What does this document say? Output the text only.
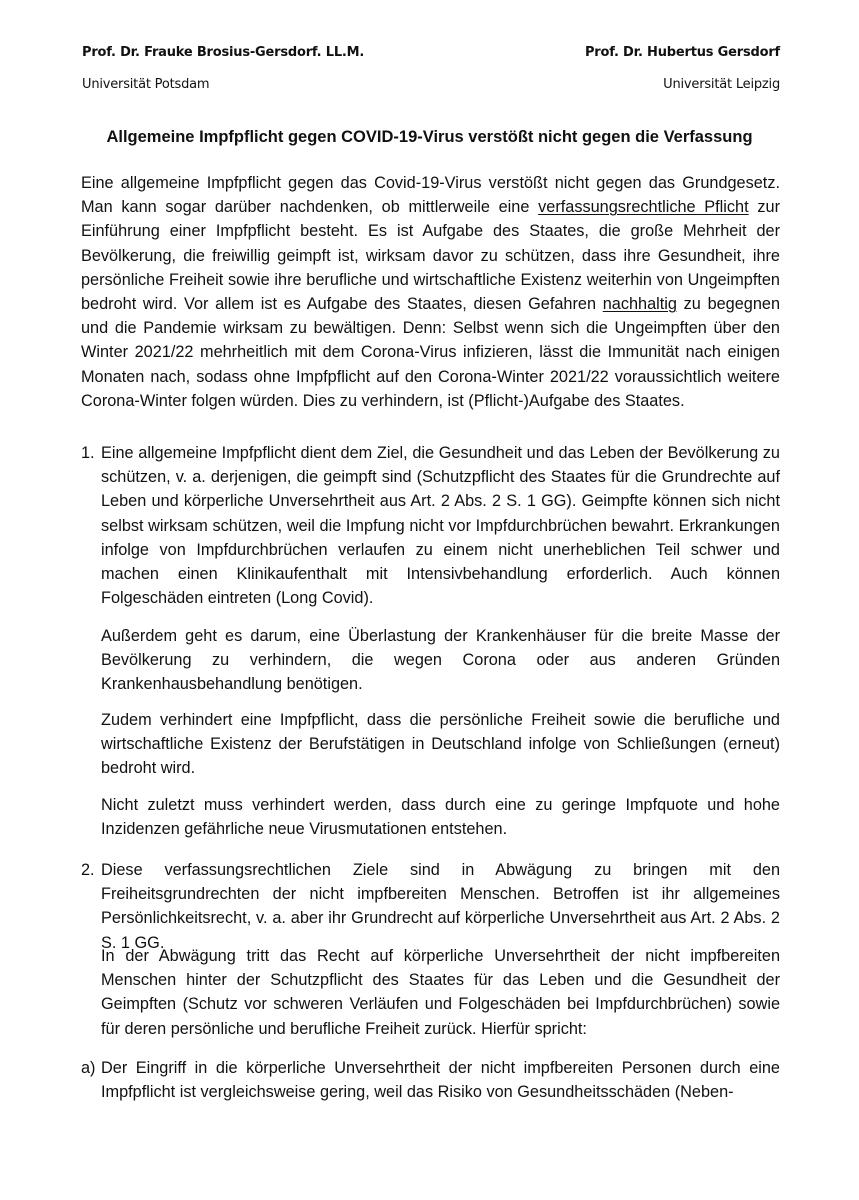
Prof. Dr. Frauke Brosius-Gersdorf. LL.M.	Prof. Dr. Hubertus Gersdorf
Universität Potsdam	Universität Leipzig
Allgemeine Impfpflicht gegen COVID-19-Virus verstößt nicht gegen die Verfassung

Eine allgemeine Impfpflicht gegen das Covid-19-Virus verstößt nicht gegen das Grundgesetz. Man kann sogar darüber nachdenken, ob mittlerweile eine verfassungsrechtliche Pflicht zur Einführung einer Impfpflicht besteht. Es ist Aufgabe des Staates, die große Mehrheit der Bevölkerung, die freiwillig geimpft ist, wirksam davor zu schützen, dass ihre Gesundheit, ihre persönliche Freiheit sowie ihre berufliche und wirtschaftliche Existenz weiterhin von Ungeimpften bedroht wird. Vor allem ist es Aufgabe des Staates, diesen Gefahren nachhaltig zu begegnen und die Pandemie wirksam zu bewältigen. Denn: Selbst wenn sich die Ungeimpften über den Winter 2021/22 mehrheitlich mit dem Corona-Virus infizieren, lässt die Immunität nach einigen Monaten nach, sodass ohne Impfpflicht auf den Corona-Winter 2021/22 voraussichtlich weitere Corona-Winter folgen würden. Dies zu verhindern, ist (Pflicht-)Aufgabe des Staates.

1. Eine allgemeine Impfpflicht dient dem Ziel, die Gesundheit und das Leben der Bevölkerung zu schützen, v. a. derjenigen, die geimpft sind (Schutzpflicht des Staates für die Grundrechte auf Leben und körperliche Unversehrtheit aus Art. 2 Abs. 2 S. 1 GG). Geimpfte können sich nicht selbst wirksam schützen, weil die Impfung nicht vor Impfdurchbrüchen bewahrt. Erkrankungen infolge von Impfdurchbrüchen verlaufen zu einem nicht unerheblichen Teil schwer und machen einen Klinikaufenthalt mit Intensivbehandlung erforderlich. Auch können Folgeschäden eintreten (Long Covid).

Außerdem geht es darum, eine Überlastung der Krankenhäuser für die breite Masse der Bevölkerung zu verhindern, die wegen Corona oder aus anderen Gründen Krankenhausbehandlung benötigen.

Zudem verhindert eine Impfpflicht, dass die persönliche Freiheit sowie die berufliche und wirtschaftliche Existenz der Berufstätigen in Deutschland infolge von Schließungen (erneut) bedroht wird.

Nicht zuletzt muss verhindert werden, dass durch eine zu geringe Impfquote und hohe Inzidenzen gefährliche neue Virusmutationen entstehen.

2. Diese verfassungsrechtlichen Ziele sind in Abwägung zu bringen mit den Freiheitsgrundrechten der nicht impfbereiten Menschen. Betroffen ist ihr allgemeines Persönlichkeitsrecht, v. a. aber ihr Grundrecht auf körperliche Unversehrtheit aus Art. 2 Abs. 2 S. 1 GG.

In der Abwägung tritt das Recht auf körperliche Unversehrtheit der nicht impfbereiten Menschen hinter der Schutzpflicht des Staates für das Leben und die Gesundheit der Geimpften (Schutz vor schweren Verläufen und Folgeschäden bei Impfdurchbrüchen) sowie für deren persönliche und berufliche Freiheit zurück. Hierfür spricht:

a) Der Eingriff in die körperliche Unversehrtheit der nicht impfbereiten Personen durch eine Impfpflicht ist vergleichsweise gering, weil das Risiko von Gesundheitsschäden (Neben-
